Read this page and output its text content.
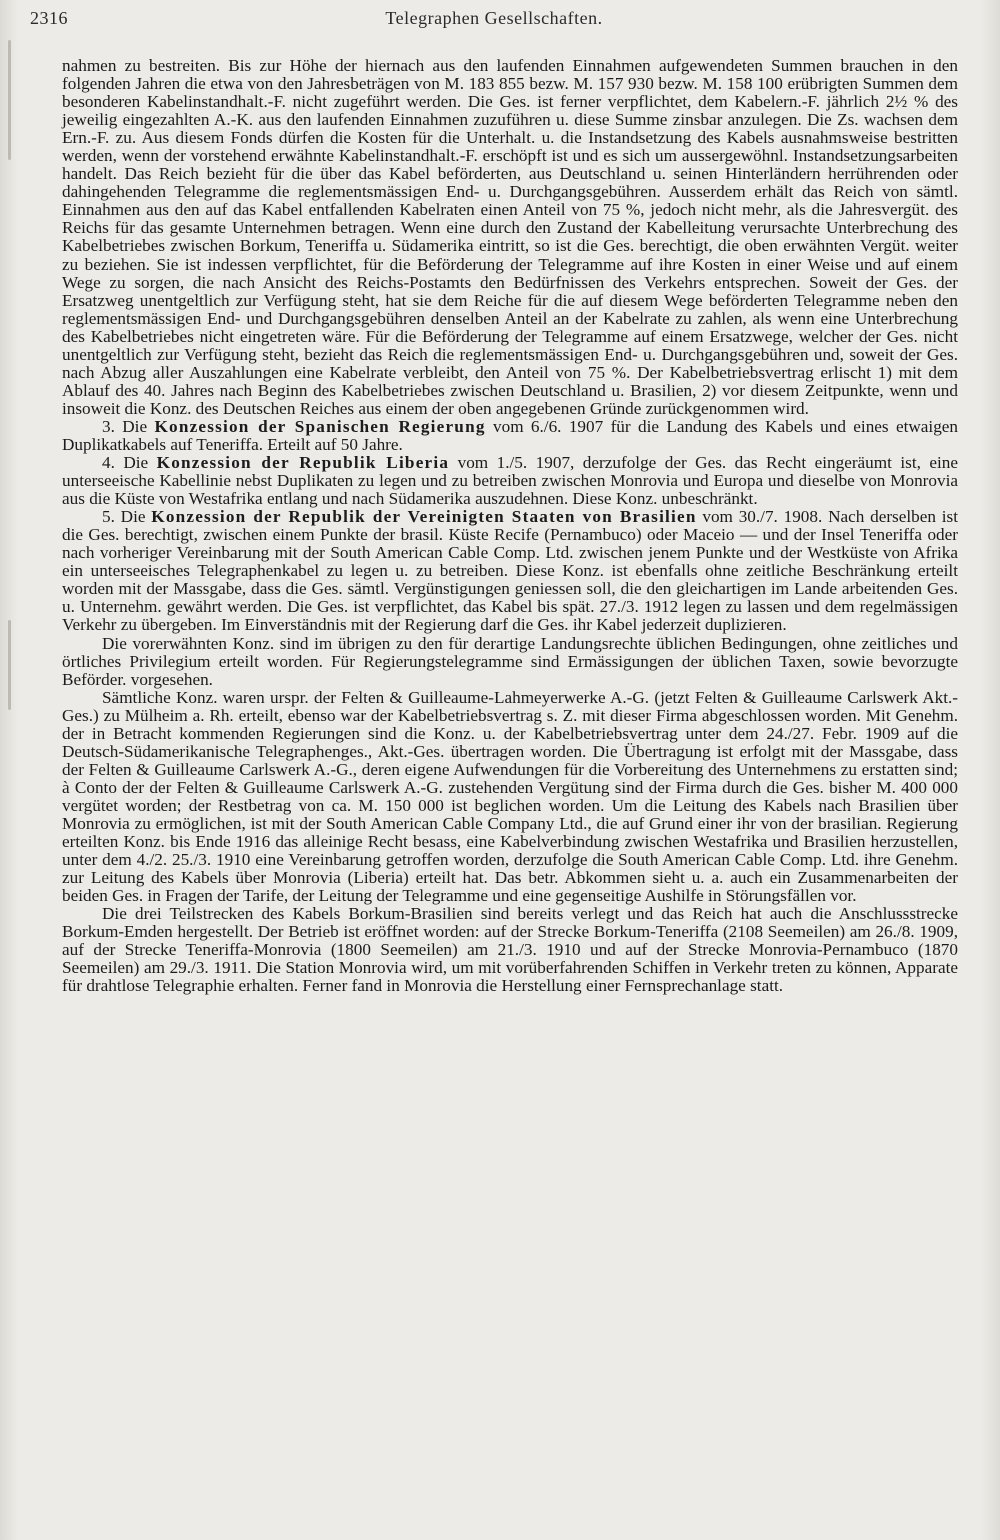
2316	Telegraphen Gesellschaften.

nahmen zu bestreiten. Bis zur Höhe der hiernach aus den laufenden Einnahmen aufgewendeten Summen brauchen in den folgenden Jahren die etwa von den Jahresbeträgen von M. 183 855 bezw. M. 157 930 bezw. M. 158 100 erübrigten Summen dem besonderen Kabelinstandhalt.-F. nicht zugeführt werden. Die Ges. ist ferner verpflichtet, dem Kabelern.-F. jährlich 2½ % des jeweilig eingezahlten A.-K. aus den laufenden Einnahmen zuzuführen u. diese Summe zinsbar anzulegen. Die Zs. wachsen dem Ern.-F. zu. Aus diesem Fonds dürfen die Kosten für die Unterhalt. u. die Instandsetzung des Kabels ausnahmsweise bestritten werden, wenn der vorstehend erwähnte Kabelinstandhalt.-F. erschöpft ist und es sich um aussergewöhnl. Instandsetzungsarbeiten handelt. Das Reich bezieht für die über das Kabel beförderten, aus Deutschland u. seinen Hinterländern herrührenden oder dahingehenden Telegramme die reglementsmässigen End- u. Durchgangsgebühren. Ausserdem erhält das Reich von sämtl. Einnahmen aus den auf das Kabel entfallenden Kabelraten einen Anteil von 75 %, jedoch nicht mehr, als die Jahresvergüt. des Reichs für das gesamte Unternehmen betragen. Wenn eine durch den Zustand der Kabelleitung verursachte Unterbrechung des Kabelbetriebes zwischen Borkum, Teneriffa u. Südamerika eintritt, so ist die Ges. berechtigt, die oben erwähnten Vergüt. weiter zu beziehen. Sie ist indessen verpflichtet, für die Beförderung der Telegramme auf ihre Kosten in einer Weise und auf einem Wege zu sorgen, die nach Ansicht des Reichs-Postamts den Bedürfnissen des Verkehrs entsprechen. Soweit der Ges. der Ersatzweg unentgeltlich zur Verfügung steht, hat sie dem Reiche für die auf diesem Wege beförderten Telegramme neben den reglementsmässigen End- und Durchgangsgebühren denselben Anteil an der Kabelrate zu zahlen, als wenn eine Unterbrechung des Kabelbetriebes nicht eingetreten wäre. Für die Beförderung der Telegramme auf einem Ersatzwege, welcher der Ges. nicht unentgeltlich zur Verfügung steht, bezieht das Reich die reglementsmässigen End- u. Durchgangsgebühren und, soweit der Ges. nach Abzug aller Auszahlungen eine Kabelrate verbleibt, den Anteil von 75 %. Der Kabelbetriebsvertrag erlischt 1) mit dem Ablauf des 40. Jahres nach Beginn des Kabelbetriebes zwischen Deutschland u. Brasilien, 2) vor diesem Zeitpunkte, wenn und insoweit die Konz. des Deutschen Reiches aus einem der oben angegebenen Gründe zurückgenommen wird.

3. Die Konzession der Spanischen Regierung vom 6./6. 1907 für die Landung des Kabels und eines etwaigen Duplikatkabels auf Teneriffa. Erteilt auf 50 Jahre.

4. Die Konzession der Republik Liberia vom 1./5. 1907, derzufolge der Ges. das Recht eingeräumt ist, eine unterseeische Kabellinie nebst Duplikaten zu legen und zu betreiben zwischen Monrovia und Europa und dieselbe von Monrovia aus die Küste von Westafrika entlang und nach Südamerika auszudehnen. Diese Konz. unbeschränkt.

5. Die Konzession der Republik der Vereinigten Staaten von Brasilien vom 30./7. 1908. Nach derselben ist die Ges. berechtigt, zwischen einem Punkte der brasil. Küste Recife (Pernambuco) oder Maceio — und der Insel Teneriffa oder nach vorheriger Vereinbarung mit der South American Cable Comp. Ltd. zwischen jenem Punkte und der Westküste von Afrika ein unterseeisches Telegraphenkabel zu legen u. zu betreiben. Diese Konz. ist ebenfalls ohne zeitliche Beschränkung erteilt worden mit der Massgabe, dass die Ges. sämtl. Vergünstigungen geniessen soll, die den gleichartigen im Lande arbeitenden Ges. u. Unternehm. gewährt werden. Die Ges. ist verpflichtet, das Kabel bis spät. 27./3. 1912 legen zu lassen und dem regelmässigen Verkehr zu übergeben. Im Einverständnis mit der Regierung darf die Ges. ihr Kabel jederzeit duplizieren.

Die vorerwähnten Konz. sind im übrigen zu den für derartige Landungsrechte üblichen Bedingungen, ohne zeitliches und örtliches Privilegium erteilt worden. Für Regierungstelegramme sind Ermässigungen der üblichen Taxen, sowie bevorzugte Beförder. vorgesehen.

Sämtliche Konz. waren urspr. der Felten & Guilleaume-Lahmeyerwerke A.-G. (jetzt Felten & Guilleaume Carlswerk Akt.-Ges.) zu Mülheim a. Rh. erteilt, ebenso war der Kabelbetriebsvertrag s. Z. mit dieser Firma abgeschlossen worden. Mit Genehm. der in Betracht kommenden Regierungen sind die Konz. u. der Kabelbetriebsvertrag unter dem 24./27. Febr. 1909 auf die Deutsch-Südamerikanische Telegraphenges., Akt.-Ges. übertragen worden. Die Übertragung ist erfolgt mit der Massgabe, dass der Felten & Guilleaume Carlswerk A.-G., deren eigene Aufwendungen für die Vorbereitung des Unternehmens zu erstatten sind; à Conto der der Felten & Guilleaume Carlswerk A.-G. zustehenden Vergütung sind der Firma durch die Ges. bisher M. 400 000 vergütet worden; der Restbetrag von ca. M. 150 000 ist beglichen worden. Um die Leitung des Kabels nach Brasilien über Monrovia zu ermöglichen, ist mit der South American Cable Company Ltd., die auf Grund einer ihr von der brasilian. Regierung erteilten Konz. bis Ende 1916 das alleinige Recht besass, eine Kabelverbindung zwischen Westafrika und Brasilien herzustellen, unter dem 4./2. 25./3. 1910 eine Vereinbarung getroffen worden, derzufolge die South American Cable Comp. Ltd. ihre Genehm. zur Leitung des Kabels über Monrovia (Liberia) erteilt hat. Das betr. Abkommen sieht u. a. auch ein Zusammenarbeiten der beiden Ges. in Fragen der Tarife, der Leitung der Telegramme und eine gegenseitige Aushilfe in Störungsfällen vor.

Die drei Teilstrecken des Kabels Borkum-Brasilien sind bereits verlegt und das Reich hat auch die Anschlussstrecke Borkum-Emden hergestellt. Der Betrieb ist eröffnet worden: auf der Strecke Borkum-Teneriffa (2108 Seemeilen) am 26./8. 1909, auf der Strecke Teneriffa-Monrovia (1800 Seemeilen) am 21./3. 1910 und auf der Strecke Monrovia-Pernambuco (1870 Seemeilen) am 29./3. 1911. Die Station Monrovia wird, um mit vorüberfahrenden Schiffen in Verkehr treten zu können, Apparate für drahtlose Telegraphie erhalten. Ferner fand in Monrovia die Herstellung einer Fernsprechanlage statt.
